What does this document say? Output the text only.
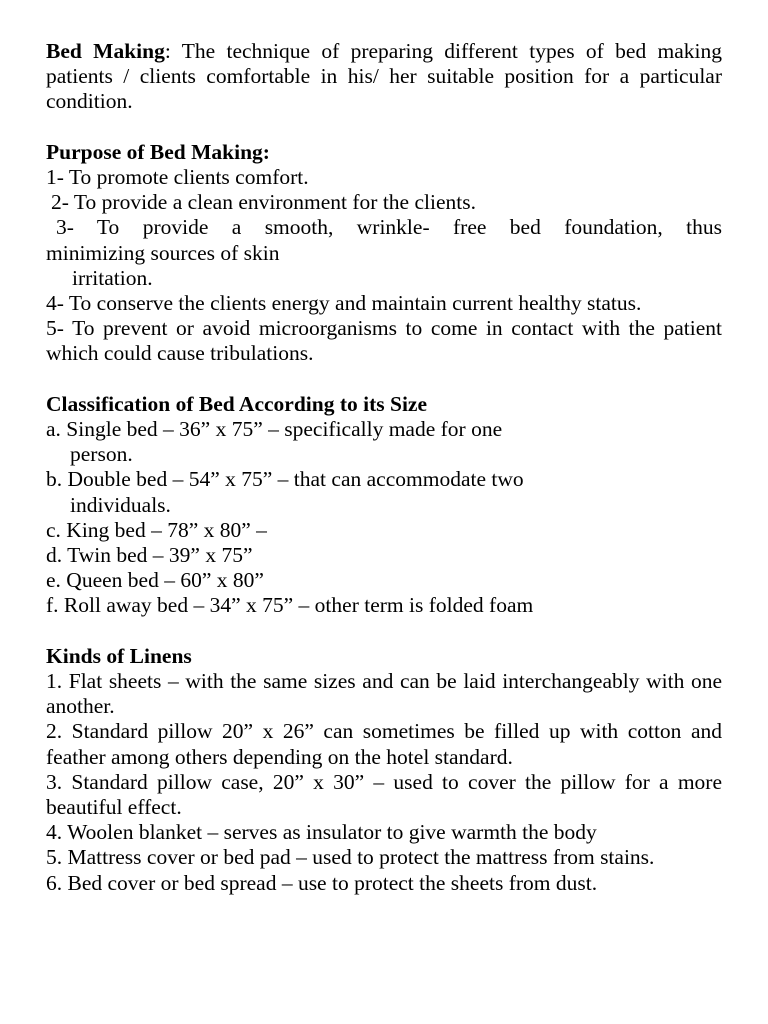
Bed Making: The technique of preparing different types of bed making patients / clients comfortable in his/ her suitable position for a particular condition.

Purpose of Bed Making:

1- To promote clients comfort.

2- To provide a clean environment for the clients.

3- To provide a smooth, wrinkle- free bed foundation, thus

minimizing sources of skin

irritation.

4- To conserve the clients energy and maintain current healthy status.

5- To prevent or avoid microorganisms to come in contact with the patient which could cause tribulations.

Classification of Bed According to its Size

a. Single bed – 36” x 75” – specifically made for one

person.

b. Double bed – 54” x 75” – that can accommodate two

individuals.

c. King bed – 78” x 80” –

d. Twin bed – 39” x 75”

e. Queen bed – 60” x 80”

f. Roll away bed – 34” x 75” – other term is folded foam

Kinds of Linens

1. Flat sheets – with the same sizes and can be laid interchangeably with one another.

2. Standard pillow 20” x 26” can sometimes be filled up with cotton and feather among others depending on the hotel standard.

3. Standard pillow case, 20” x 30” – used to cover the pillow for a more beautiful effect.

4. Woolen blanket – serves as insulator to give warmth the body

5. Mattress cover or bed pad – used to protect the mattress from stains.

6. Bed cover or bed spread – use to protect the sheets from dust.
